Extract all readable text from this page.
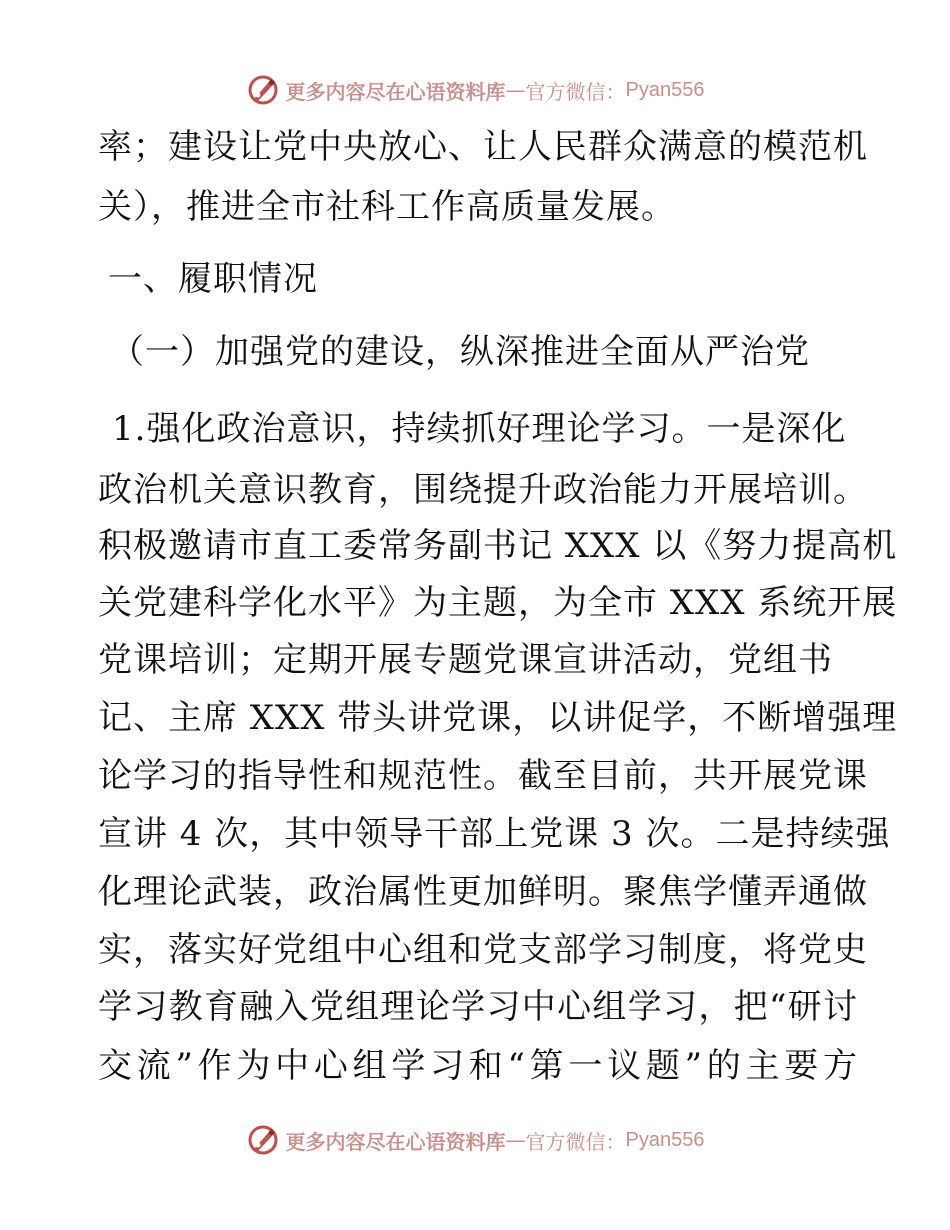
更多内容尽在心语资料库 — 官方微信： Pyan556
率；建设让党中央放心、让人民群众满意的模范机
关），推进全市社科工作高质量发展。
一、履职情况
（一）加强党的建设，纵深推进全面从严治党
1.强化政治意识，持续抓好理论学习。一是深化
政治机关意识教育，围绕提升政治能力开展培训。
积极邀请市直工委常务副书记 XXX 以《努力提高机
关党建科学化水平》为主题，为全市 XXX 系统开展
党课培训；定期开展专题党课宣讲活动，党组书
记、主席 XXX 带头讲党课，以讲促学，不断增强理
论学习的指导性和规范性。截至目前，共开展党课
宣讲 4 次，其中领导干部上党课 3 次。二是持续强
化理论武装，政治属性更加鲜明。聚焦学懂弄通做
实，落实好党组中心组和党支部学习制度，将党史
学习教育融入党组理论学习中心组学习，把“研讨
交流”作为中心组学习和“第一议题”的主要方
更多内容尽在心语资料库 — 官方微信： Pyan556
